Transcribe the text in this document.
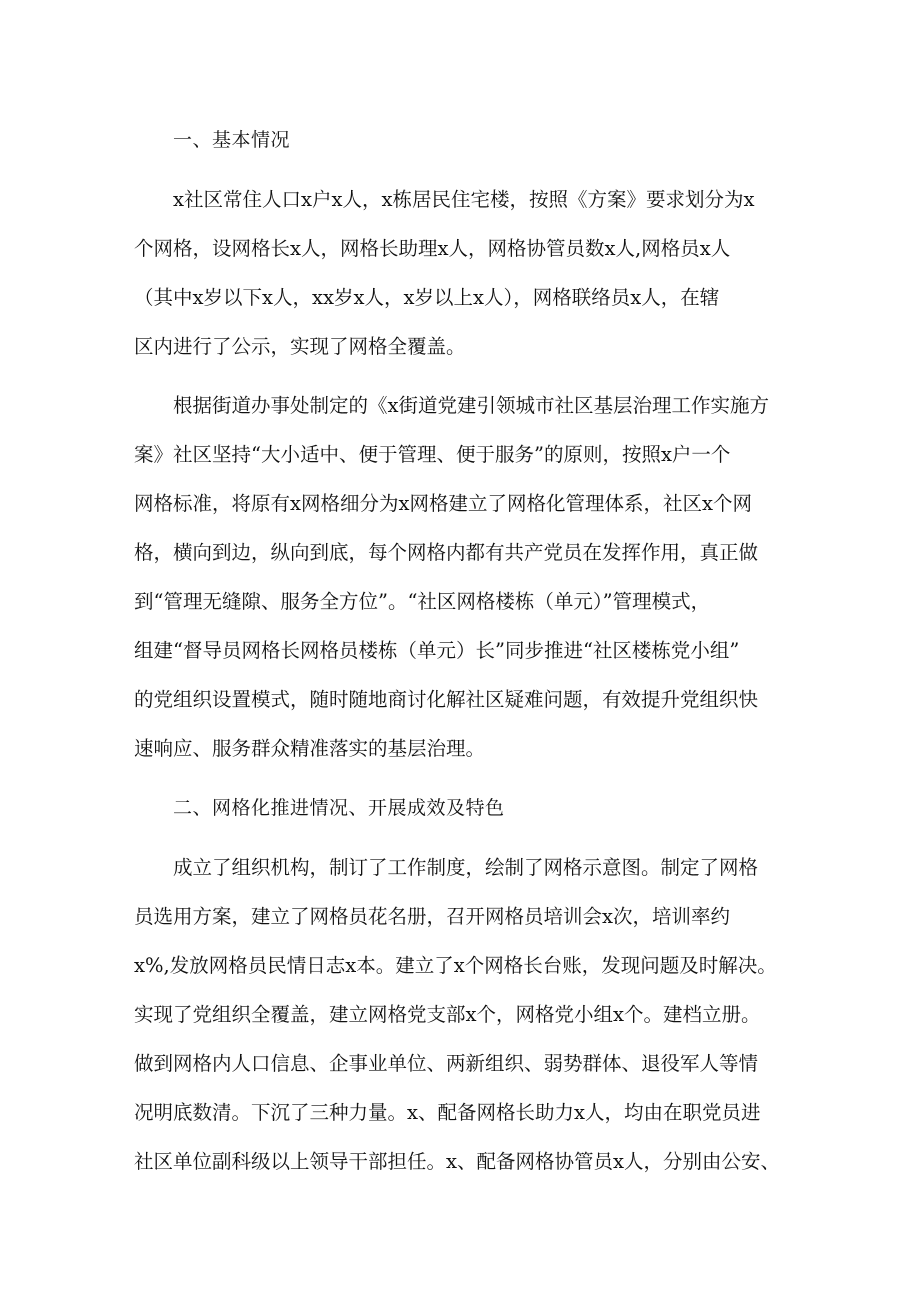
一、基本情况
x社区常住人口x户x人，x栋居民住宅楼，按照《方案》要求划分为x
个网格，设网格长x人，网格长助理x人，网格协管员数x人,网格员x人
（其中x岁以下x人，xx岁x人，x岁以上x人），网格联络员x人，在辖
区内进行了公示，实现了网格全覆盖。
根据街道办事处制定的《x街道党建引领城市社区基层治理工作实施方
案》社区坚持“大小适中、便于管理、便于服务”的原则，按照x户一个
网格标准，将原有x网格细分为x网格建立了网格化管理体系，社区x个网
格，横向到边，纵向到底，每个网格内都有共产党员在发挥作用，真正做
到“管理无缝隙、服务全方位”。“社区网格楼栋（单元）”管理模式，
组建“督导员网格长网格员楼栋（单元）长”同步推进“社区楼栋党小组”
的党组织设置模式，随时随地商讨化解社区疑难问题，有效提升党组织快
速响应、服务群众精准落实的基层治理。
二、网格化推进情况、开展成效及特色
成立了组织机构，制订了工作制度，绘制了网格示意图。制定了网格
员选用方案，建立了网格员花名册，召开网格员培训会x次，培训率约
x%,发放网格员民情日志x本。建立了x个网格长台账，发现问题及时解决。
实现了党组织全覆盖，建立网格党支部x个，网格党小组x个。建档立册。
做到网格内人口信息、企事业单位、两新组织、弱势群体、退役军人等情
况明底数清。下沉了三种力量。x、配备网格长助力x人，均由在职党员进
社区单位副科级以上领导干部担任。x、配备网格协管员x人，分别由公安、
